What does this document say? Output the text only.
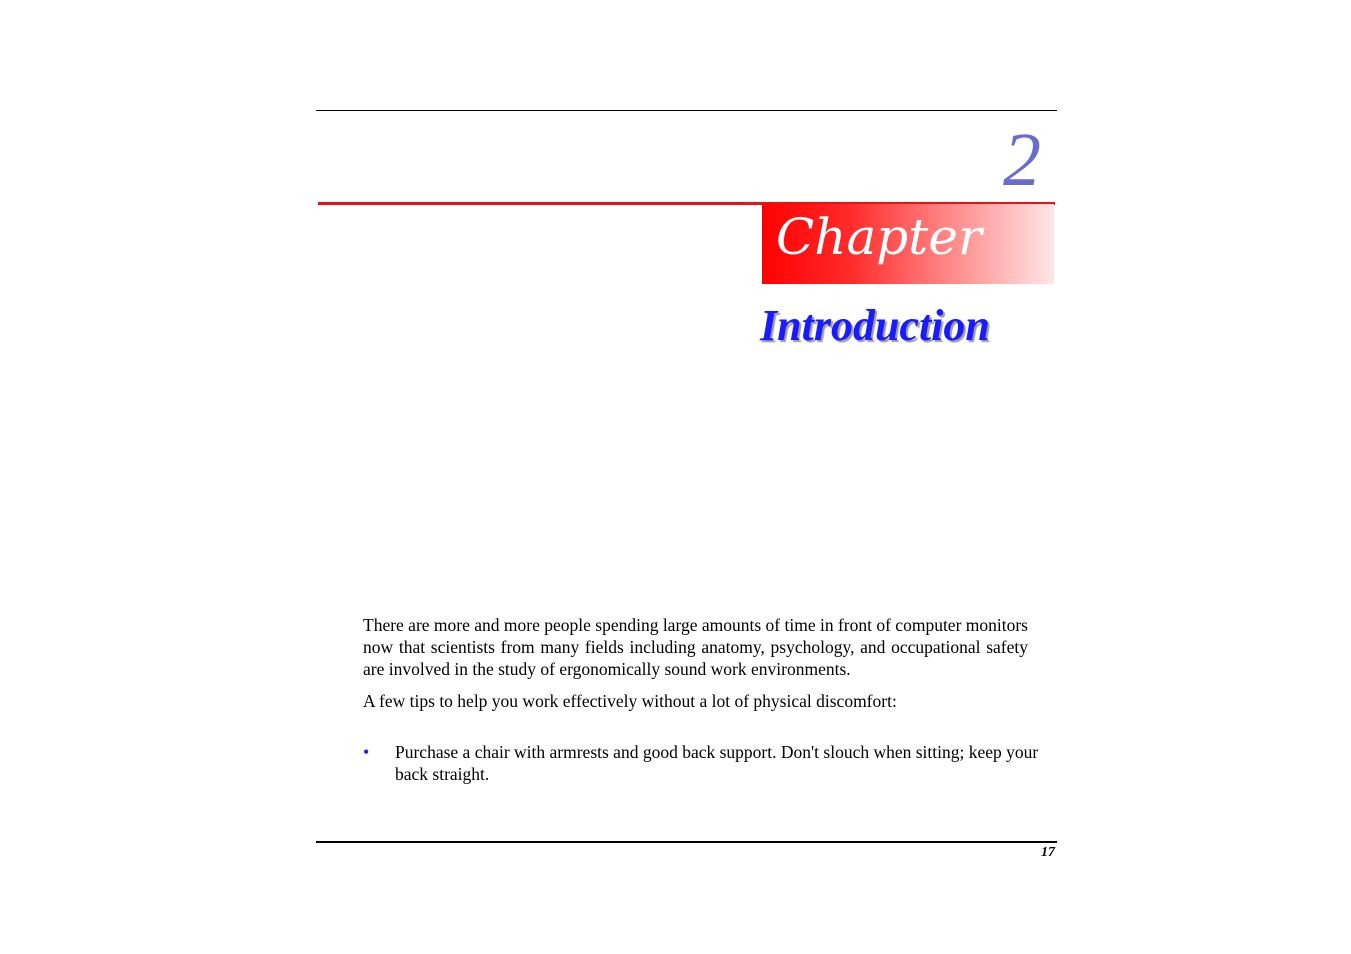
2
Chapter
Introduction

There are more and more people spending large amounts of time in front of computer monitors now that scientists from many fields including anatomy, psychology, and occupational safety are involved in the study of ergonomically sound work environments.

A few tips to help you work effectively without a lot of physical discomfort:

• Purchase a chair with armrests and good back support. Don't slouch when sitting; keep your back straight.
17
